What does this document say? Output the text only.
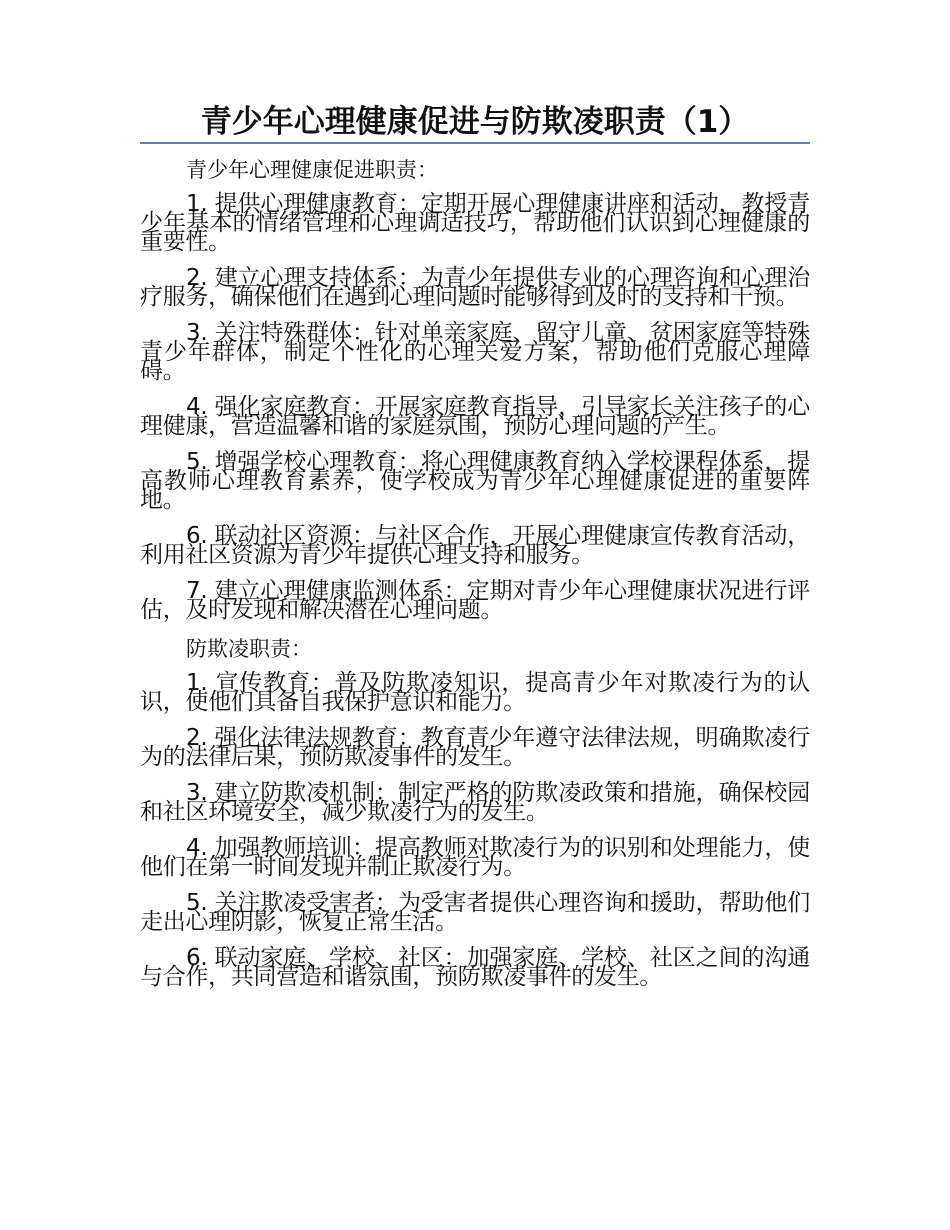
青少年心理健康促进与防欺凌职责（1）

青少年心理健康促进职责：

1. 提供心理健康教育：定期开展心理健康讲座和活动，教授青少年基本的情绪管理和心理调适技巧，帮助他们认识到心理健康的重要性。

2. 建立心理支持体系：为青少年提供专业的心理咨询和心理治疗服务，确保他们在遇到心理问题时能够得到及时的支持和干预。

3. 关注特殊群体：针对单亲家庭、留守儿童、贫困家庭等特殊青少年群体，制定个性化的心理关爱方案，帮助他们克服心理障碍。

4. 强化家庭教育：开展家庭教育指导，引导家长关注孩子的心理健康，营造温馨和谐的家庭氛围，预防心理问题的产生。

5. 增强学校心理教育：将心理健康教育纳入学校课程体系，提高教师心理教育素养，使学校成为青少年心理健康促进的重要阵地。

6. 联动社区资源：与社区合作，开展心理健康宣传教育活动，利用社区资源为青少年提供心理支持和服务。

7. 建立心理健康监测体系：定期对青少年心理健康状况进行评估，及时发现和解决潜在心理问题。

防欺凌职责：

1. 宣传教育：普及防欺凌知识，提高青少年对欺凌行为的认识，使他们具备自我保护意识和能力。

2. 强化法律法规教育：教育青少年遵守法律法规，明确欺凌行为的法律后果，预防欺凌事件的发生。

3. 建立防欺凌机制：制定严格的防欺凌政策和措施，确保校园和社区环境安全，减少欺凌行为的发生。

4. 加强教师培训：提高教师对欺凌行为的识别和处理能力，使他们在第一时间发现并制止欺凌行为。

5. 关注欺凌受害者：为受害者提供心理咨询和援助，帮助他们走出心理阴影，恢复正常生活。

6. 联动家庭、学校、社区：加强家庭、学校、社区之间的沟通与合作，共同营造和谐氛围，预防欺凌事件的发生。
